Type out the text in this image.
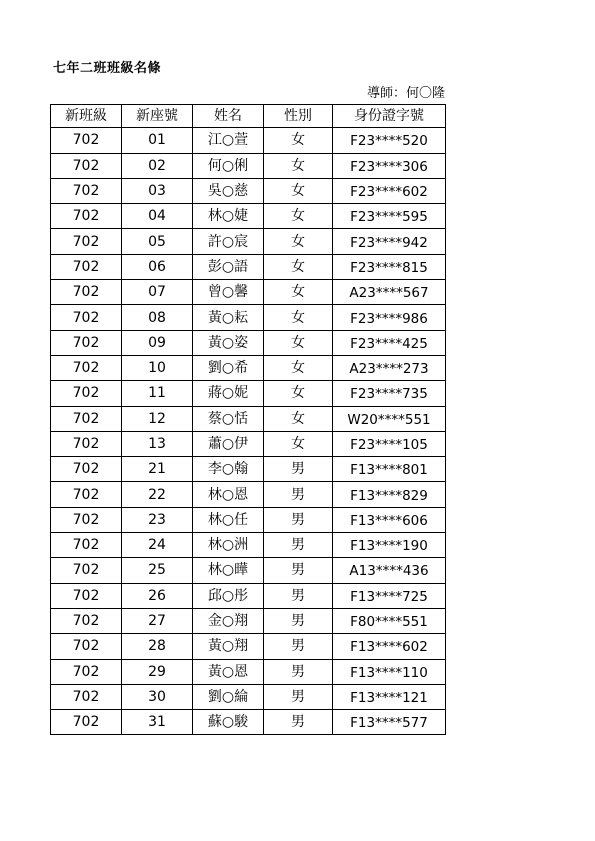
七年二班班級名條
導師：何〇隆
新班級	新座號	姓名	性別	身份證字號
702	01	江○萱	女	F23****520
702	02	何○俐	女	F23****306
702	03	吳○慈	女	F23****602
702	04	林○婕	女	F23****595
702	05	許○宸	女	F23****942
702	06	彭○語	女	F23****815
702	07	曾○馨	女	A23****567
702	08	黃○耘	女	F23****986
702	09	黃○姿	女	F23****425
702	10	劉○希	女	A23****273
702	11	蔣○妮	女	F23****735
702	12	蔡○恬	女	W20****551
702	13	蕭○伊	女	F23****105
702	21	李○翰	男	F13****801
702	22	林○恩	男	F13****829
702	23	林○任	男	F13****606
702	24	林○洲	男	F13****190
702	25	林○曄	男	A13****436
702	26	邱○彤	男	F13****725
702	27	金○翔	男	F80****551
702	28	黃○翔	男	F13****602
702	29	黃○恩	男	F13****110
702	30	劉○綸	男	F13****121
702	31	蘇○駿	男	F13****577
